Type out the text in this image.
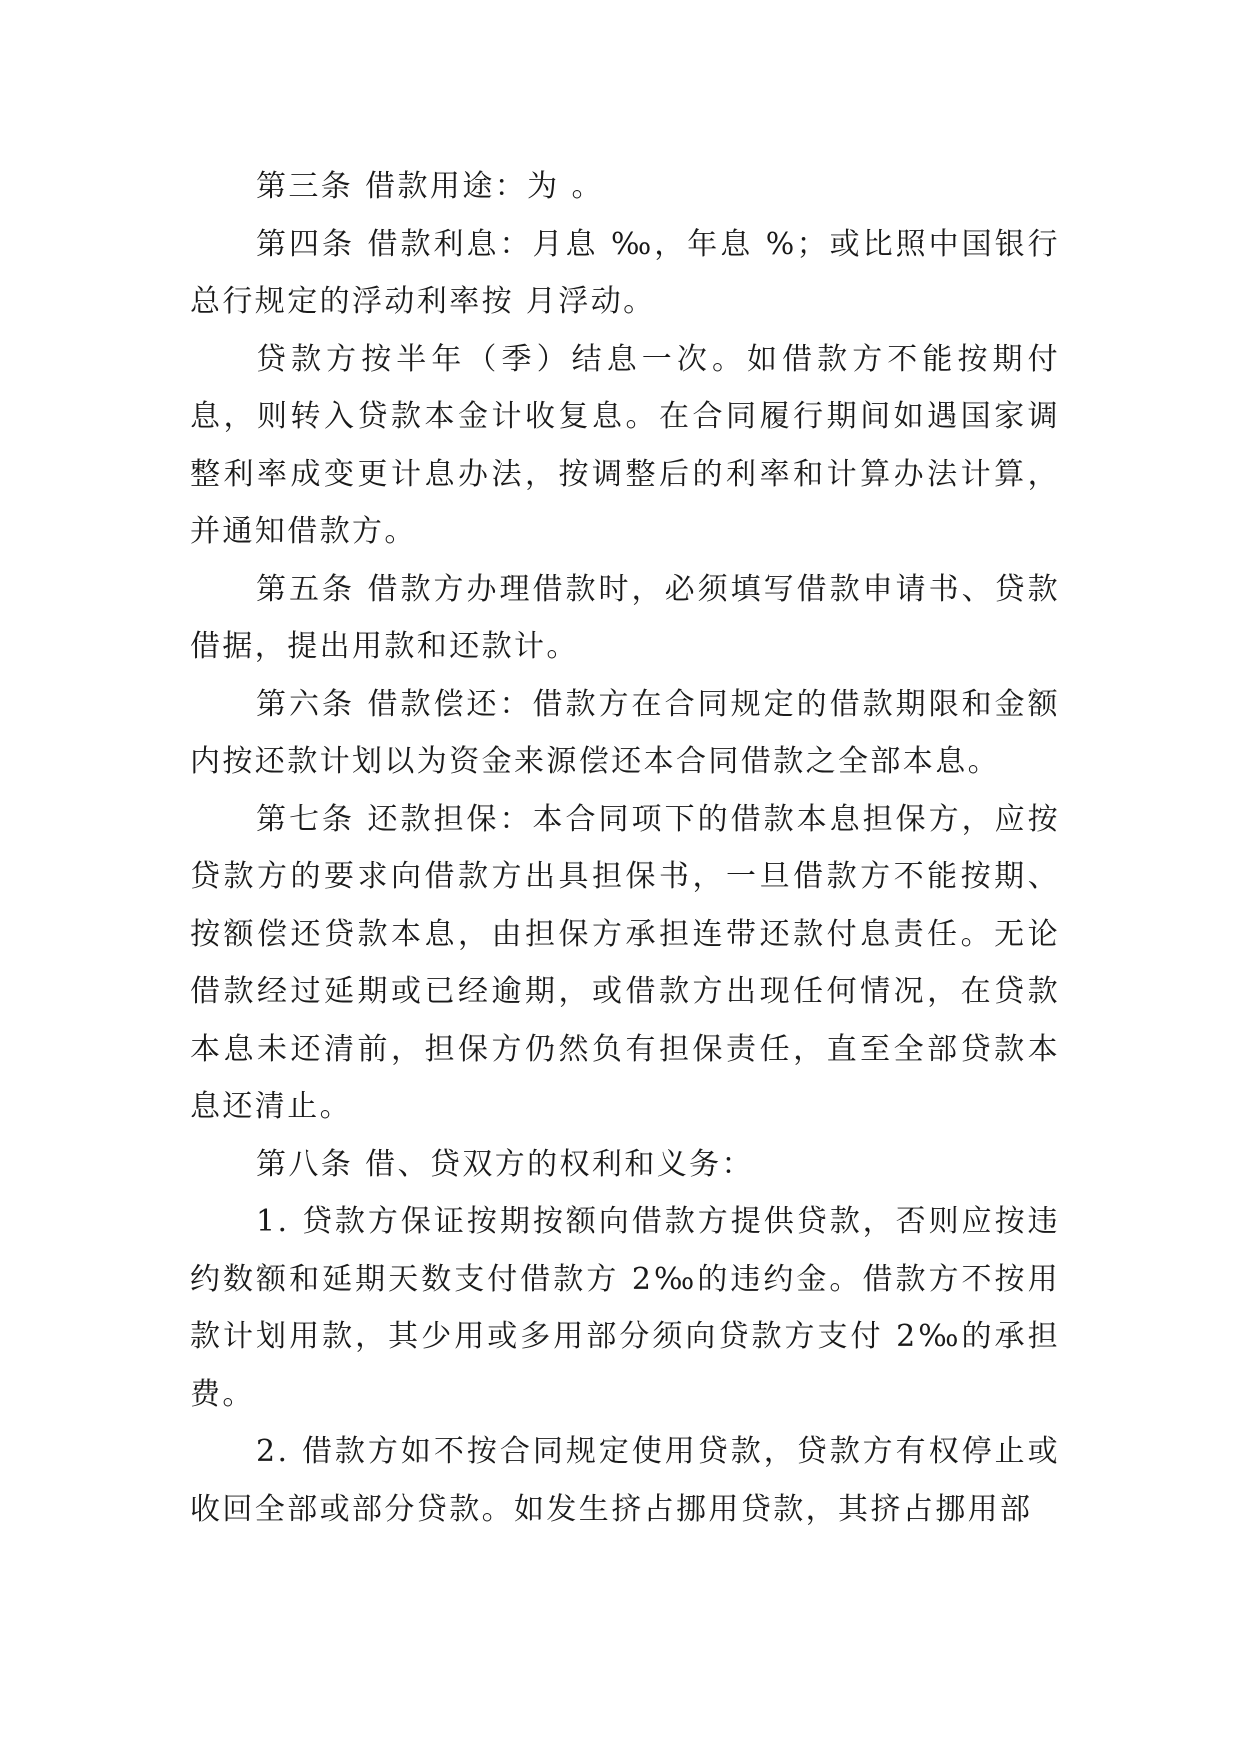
第三条 借款用途：为 。

第四条 借款利息：月息 ‰，年息 %；或比照中国银行总行规定的浮动利率按 月浮动。

贷款方按半年（季）结息一次。如借款方不能按期付息，则转入贷款本金计收复息。在合同履行期间如遇国家调整利率成变更计息办法，按调整后的利率和计算办法计算，并通知借款方。

第五条 借款方办理借款时，必须填写借款申请书、贷款借据，提出用款和还款计。

第六条 借款偿还：借款方在合同规定的借款期限和金额内按还款计划以为资金来源偿还本合同借款之全部本息。

第七条 还款担保：本合同项下的借款本息担保方，应按贷款方的要求向借款方出具担保书，一旦借款方不能按期、按额偿还贷款本息，由担保方承担连带还款付息责任。无论借款经过延期或已经逾期，或借款方出现任何情况，在贷款本息未还清前，担保方仍然负有担保责任，直至全部贷款本息还清止。

第八条 借、贷双方的权利和义务：

1. 贷款方保证按期按额向借款方提供贷款，否则应按违约数额和延期天数支付借款方 2‰的违约金。借款方不按用款计划用款，其少用或多用部分须向贷款方支付 2‰的承担费。

2. 借款方如不按合同规定使用贷款，贷款方有权停止或收回全部或部分贷款。如发生挤占挪用贷款，其挤占挪用部
